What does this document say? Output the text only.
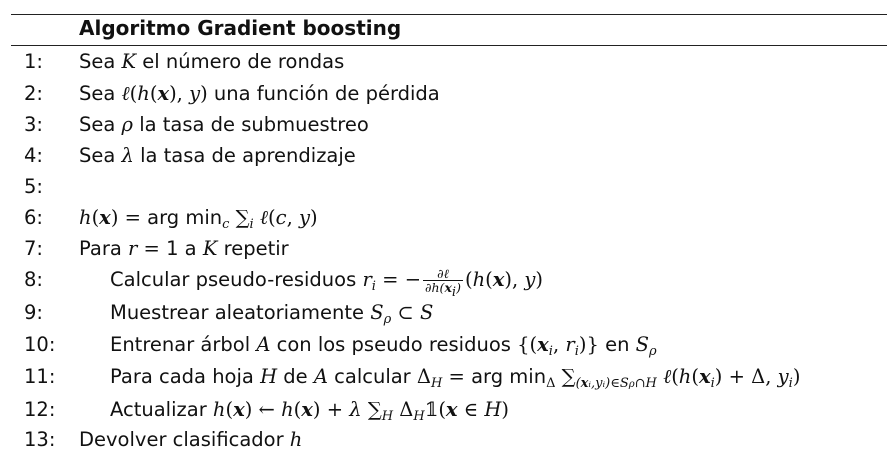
Algoritmo Gradient boosting
1: Sea K el número de rondas
2: Sea ℓ(h(x), y) una función de pérdida
3: Sea ρ la tasa de submuestreo
4: Sea λ la tasa de aprendizaje
5:
6: h(x) = arg $\min_c \sum_i$ ℓ(c, y)
7: Para r = 1 a K repetir
8:	Calcular pseudo-residuos $r_i$ = − $\frac{\text{∂ℓ}}{\partial h(x_i)} (h(x)$, y)
9:	Muestrear aleatoriamente $S_\rho$ ⊂ S
10:	Entrenar árbol A con los pseudo residuos {($x_i$, $r_i$)} en $S_\rho$
11:	Para cada hoja H de A calcular $\Delta_H$ = arg $\min_\Delta \sum_{(xᵢ,yᵢ)\in S\rho\cap H}$ $\ell(h(x_i) + \Delta$, $y_i$)
12:	Actualizar h(x) ← h(x) + λ $\sum_H$ $\Delta_H𝟙(x$ ∈ H)
13: Devolver clasificador h
